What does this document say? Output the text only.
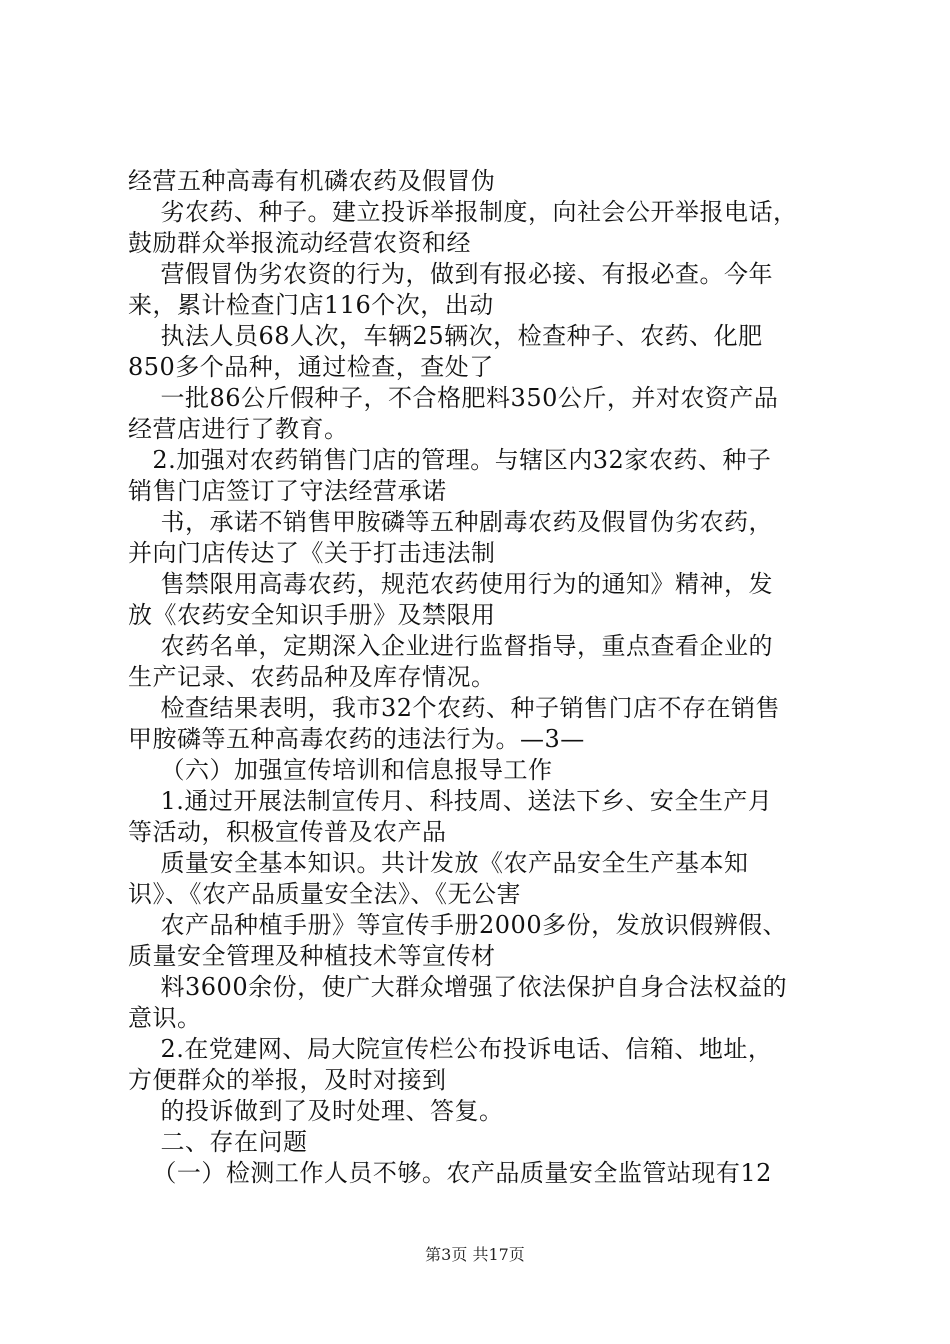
经营五种高毒有机磷农药及假冒伪
劣农药、种子。建立投诉举报制度，向社会公开举报电话，
鼓励群众举报流动经营农资和经
营假冒伪劣农资的行为，做到有报必接、有报必查。今年
来，累计检查门店116个次，出动
执法人员68人次，车辆25辆次，检查种子、农药、化肥
850多个品种，通过检查，查处了
一批86公斤假种子，不合格肥料350公斤，并对农资产品
经营店进行了教育。
2.加强对农药销售门店的管理。与辖区内32家农药、种子
销售门店签订了守法经营承诺
书，承诺不销售甲胺磷等五种剧毒农药及假冒伪劣农药，
并向门店传达了《关于打击违法制
售禁限用高毒农药，规范农药使用行为的通知》精神，发
放《农药安全知识手册》及禁限用
农药名单，定期深入企业进行监督指导，重点查看企业的
生产记录、农药品种及库存情况。
检查结果表明，我市32个农药、种子销售门店不存在销售
甲胺磷等五种高毒农药的违法行为。—3—
（六）加强宣传培训和信息报导工作
1.通过开展法制宣传月、科技周、送法下乡、安全生产月
等活动，积极宣传普及农产品
质量安全基本知识。共计发放《农产品安全生产基本知
识》、《农产品质量安全法》、《无公害
农产品种植手册》等宣传手册2000多份，发放识假辨假、
质量安全管理及种植技术等宣传材
料3600余份，使广大群众增强了依法保护自身合法权益的
意识。
2.在党建网、局大院宣传栏公布投诉电话、信箱、地址，
方便群众的举报，及时对接到
的投诉做到了及时处理、答复。
二、存在问题
（一）检测工作人员不够。农产品质量安全监管站现有12
第3页 共17页
